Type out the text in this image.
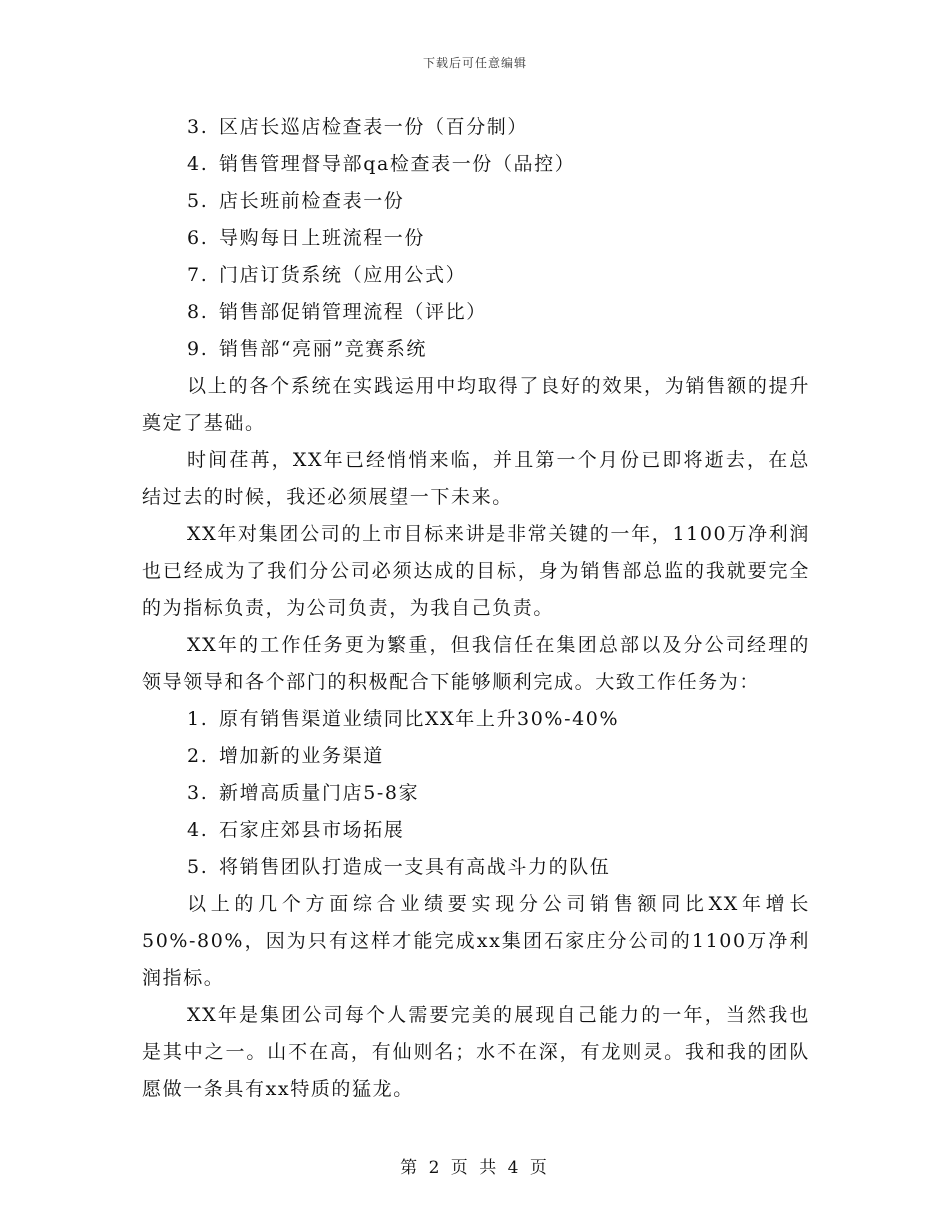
下载后可任意编辑
3. 区店长巡店检查表一份（百分制）
4. 销售管理督导部qa检查表一份（品控）
5. 店长班前检查表一份
6. 导购每日上班流程一份
7. 门店订货系统（应用公式）
8. 销售部促销管理流程（评比）
9. 销售部“亮丽”竞赛系统
以上的各个系统在实践运用中均取得了良好的效果，为销售额的提升奠定了基础。
时间荏苒，XX年已经悄悄来临，并且第一个月份已即将逝去，在总结过去的时候，我还必须展望一下未来。
XX年对集团公司的上市目标来讲是非常关键的一年，1100万净利润也已经成为了我们分公司必须达成的目标，身为销售部总监的我就要完全的为指标负责，为公司负责，为我自己负责。
XX年的工作任务更为繁重，但我信任在集团总部以及分公司经理的领导领导和各个部门的积极配合下能够顺利完成。大致工作任务为：
1. 原有销售渠道业绩同比XX年上升30%-40%
2. 增加新的业务渠道
3. 新增高质量门店5-8家
4. 石家庄郊县市场拓展
5. 将销售团队打造成一支具有高战斗力的队伍
以上的几个方面综合业绩要实现分公司销售额同比XX年增长50%-80%，因为只有这样才能完成xx集团石家庄分公司的1100万净利润指标。
XX年是集团公司每个人需要完美的展现自己能力的一年，当然我也是其中之一。山不在高，有仙则名；水不在深，有龙则灵。我和我的团队愿做一条具有xx特质的猛龙。
第 2 页 共 4 页
